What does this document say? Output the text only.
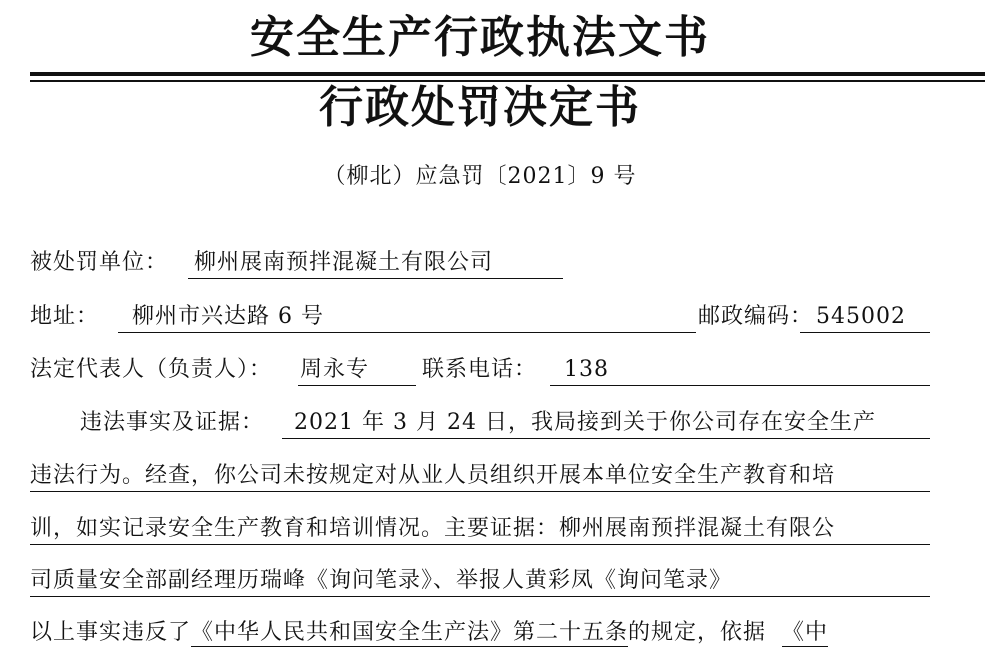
安全生产行政执法文书
行政处罚决定书
（柳北）应急罚〔2021〕9 号
被处罚单位： 柳州展南预拌混凝土有限公司
地址：	柳州市兴达路 6 号	邮政编码： 545002
法定代表人（负责人）： 周永专	联系电话：	138
违法事实及证据：	2021 年 3 月 24 日，我局接到关于你公司存在安全生产
违法行为。经查，你公司未按规定对从业人员组织开展本单位安全生产教育和培
训，如实记录安全生产教育和培训情况。主要证据：柳州展南预拌混凝土有限公
司质量安全部副经理历瑞峰《询问笔录》、举报人黄彩凤《询问笔录》
以上事实违反了《中华人民共和国安全生产法》第二十五条的规定，依据 《中
